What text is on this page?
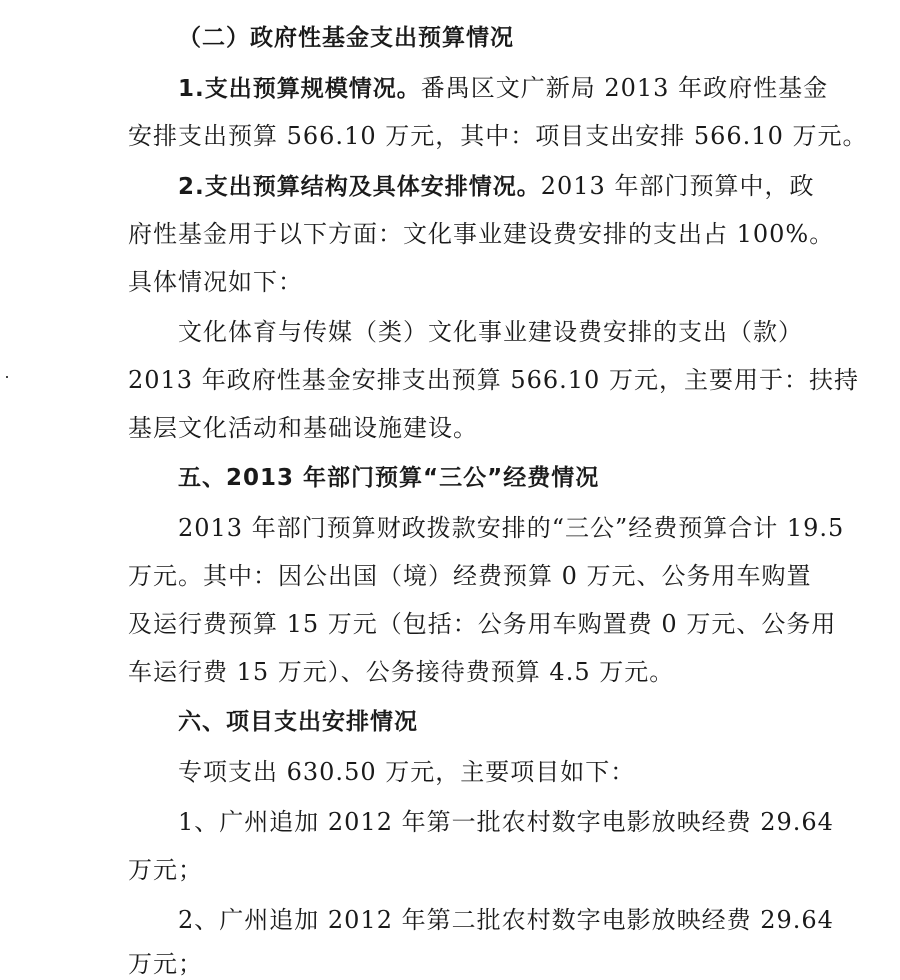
（二）政府性基金支出预算情况
1.支出预算规模情况。番禺区文广新局 2013 年政府性基金
安排支出预算 566.10 万元，其中：项目支出安排 566.10 万元。
2.支出预算结构及具体安排情况。2013 年部门预算中，政
府性基金用于以下方面：文化事业建设费安排的支出占 100%。
具体情况如下：
文化体育与传媒（类）文化事业建设费安排的支出（款）
2013 年政府性基金安排支出预算 566.10 万元，主要用于：扶持
基层文化活动和基础设施建设。
五、2013 年部门预算“三公”经费情况
2013 年部门预算财政拨款安排的“三公”经费预算合计 19.5
万元。其中：因公出国（境）经费预算 0 万元、公务用车购置
及运行费预算 15 万元（包括：公务用车购置费 0 万元、公务用
车运行费 15 万元）、公务接待费预算 4.5 万元。
六、项目支出安排情况
专项支出 630.50 万元，主要项目如下：
1、广州追加 2012 年第一批农村数字电影放映经费 29.64
万元；
2、广州追加 2012 年第二批农村数字电影放映经费 29.64
万元；
